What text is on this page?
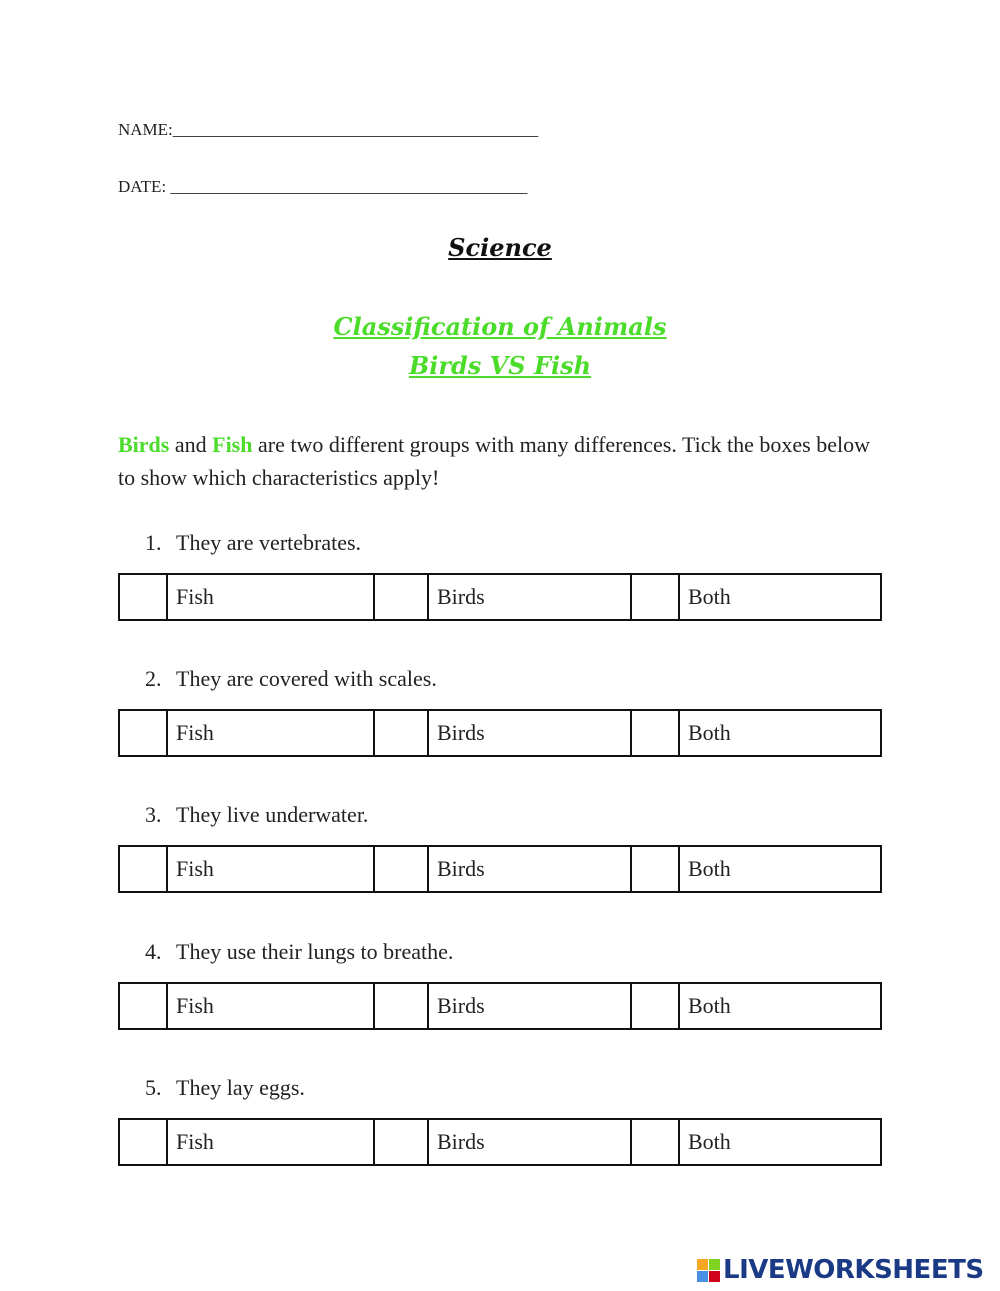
NAME:___________________________________________
DATE: __________________________________________
Science
Classification of Animals
Birds VS Fish
Birds and Fish are two different groups with many differences. Tick the boxes below to show which characteristics apply!
1. They are vertebrates.
	Fish		Birds		Both
2. They are covered with scales.
	Fish		Birds		Both
3. They live underwater.
	Fish		Birds		Both
4. They use their lungs to breathe.
	Fish		Birds		Both
5. They lay eggs.
	Fish		Birds		Both
LIVEWORKSHEETS
